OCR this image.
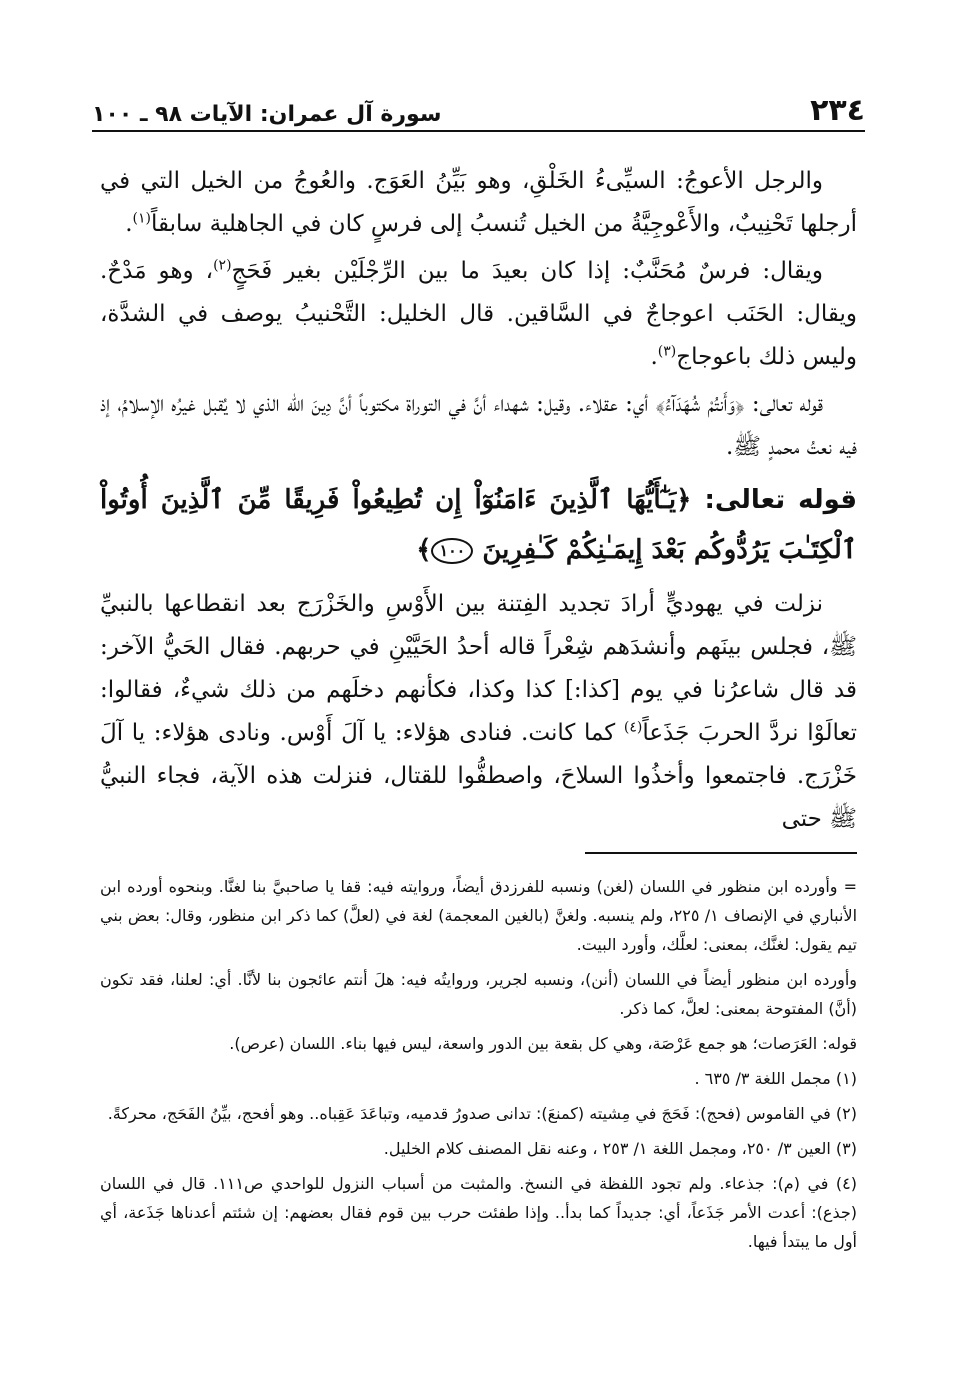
٢٣٤
سورة آل عمران: الآيات ٩٨ ـ ١٠٠

والرجل الأعوجُ: السيِّىءُ الخَلْقِ، وهو بَيِّنُ العَوَج. والعُوجُ من الخيل التي في أرجلها تَحْنِيبٌ، والأَعْوجِيَّةُ من الخيل تُنسبُ إلى فرسٍ كان في الجاهلية سابقاً$^{(١)}$.

ويقال: فرسٌ مُحَنَّبٌ: إذا كان بعيدَ ما بين الرِّجْلَيْن بغير فَحَجٍ$^{(٢)}$، وهو مَدْحٌ. ويقال: الحَنَب اعوجاجٌ في السَّاقين. قال الخليل: التَّحْنيبُ يوصف في الشدَّة، وليس ذلك باعوجاج$^{(٣)}$.

قوله تعالى: ﴿وَأَنتُمْ شُهَدَآءُ﴾ أي: عقلاء. وقيل: شهداء أنَّ في التوراة مكتوباً أنَّ دِينَ الله الذي لا يُقبل غيرُه الإسلامُ، إذ فيه نعتُ محمدٍ ﷺ.

قوله تعالى: ﴿يَـٰٓأَيُّهَا ٱلَّذِينَ ءَامَنُوٓاْ إِن تُطِيعُواْ فَرِيقًا مِّنَ ٱلَّذِينَ أُوتُواْ ٱلْكِتَـٰبَ يَرُدُّوكُم بَعْدَ إِيمَـٰنِكُمْ كَـٰفِرِينَ ١٠٠﴾

نزلت في يهوديٍّ أرادَ تجديد الفِتنة بين الأَوْسِ والخَزْرَج بعد انقطاعها بالنبيِّ ﷺ، فجلس بينَهم وأنشدَهم شِعْراً قاله أحدُ الحَيَّيْنِ في حربهم. فقال الحَيُّ الآخر: قد قال شاعرُنا في يوم [كذا:] كذا وكذا، فكأنهم دخلَهم من ذلك شيءٌ، فقالوا: تعالَوْا نردَّ الحربَ جَذَعاً$^{(٤)}$ كما كانت. فنادى هؤلاء: يا آلَ أَوْس. ونادى هؤلاء: يا آلَ خَزْرَج. فاجتمعوا وأخذُوا السلاحَ، واصطفُّوا للقتال، فنزلت هذه الآية، فجاء النبيُّ ﷺ حتى

= وأورده ابن منظور في اللسان (لغن) ونسبه للفرزدق أيضاً، وروايته فيه: قفا يا صاحبيَّ بنا لغنَّا. وبنحوه أورده ابن الأنباري في الإنصاف ١/ ٢٢٥، ولم ينسبه. ولغنَّ (بالغين المعجمة) لغة في (لعلَّ) كما ذكر ابن منظور، وقال: بعض بني تيم يقول: لغنَّك، بمعنى: لعلَّك، وأورد البيت.

وأورده ابن منظور أيضاً في اللسان (أنن)، ونسبه لجرير، وروايتُه فيه: هلَ أنتم عائجون بنا لأنَّا. أي: لعلنا، فقد تكون (أنَّ) المفتوحة بمعنى: لعلَّ، كما ذكر.

قوله: العَرَصات؛ هو جمع عَرْصَة، وهي كل بقعة بين الدور واسعة، ليس فيها بناء. اللسان (عرص).

(١) مجمل اللغة ٣/ ٦٣٥ .

(٢) في القاموس (فحج): فَحَجَ في مِشيته (كمنعَ): تدانى صدورُ قدميه، وتباعَدَ عَقِباه.. وهو أفحج، بيِّنُ الفَحَج، محركةً.

(٣) العين ٣/ ٢٥٠، ومجمل اللغة ١/ ٢٥٣ ، وعنه نقل المصنف كلام الخليل.

(٤) في (م): جذعاء. ولم تجود اللفظة في النسخ. والمثبت من أسباب النزول للواحدي ص١١١. قال في اللسان (جذع): أعدت الأمر جَذَعاً، أي: جديداً كما بدأ.. وإذا طفئت حرب بين قوم فقال بعضهم: إن شئتم أعدناها جَذَعة، أي أول ما يبتدأ فيها.
